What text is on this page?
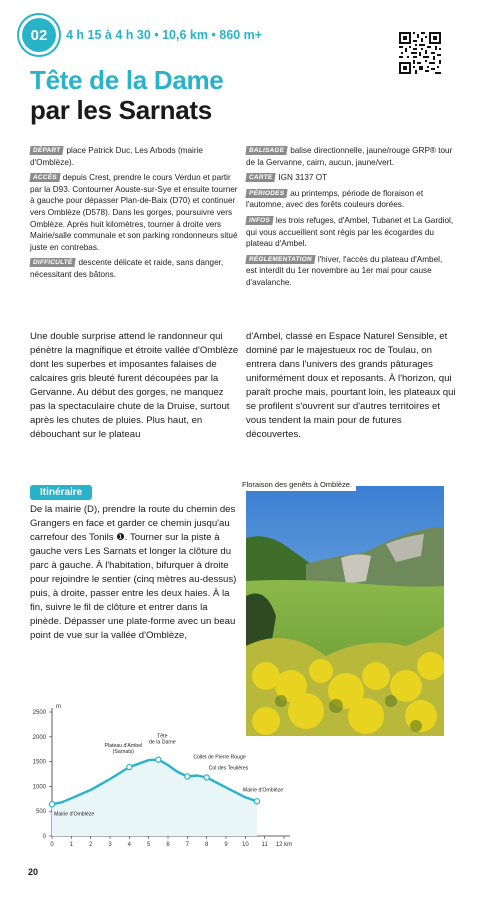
02 4 h 15 à 4 h 30 • 10,6 km • 860 m+
Tête de la Dame
par les Sarnats

DÉPART place Patrick Duc, Les Arbods (mairie d'Omblèze).

ACCÈS depuis Crest, prendre le cours Verdun et partir par la D93. Contourner Aouste-sur-Sye et ensuite tourner à gauche pour dépasser Plan-de-Baix (D70) et continuer vers Omblèze (D578). Dans les gorges, poursuivre vers Omblèze. Après huit kilomètres, tourner à droite vers Mairie/salle communale et son parking rondonneurs situé juste en contrebas.

DIFFICULTÉ descente délicate et raide, sans danger, nécessitant des bâtons.

BALISAGE balise directionnelle, jaune/rouge GRP® tour de la Gervanne, cairn, aucun, jaune/vert.

CARTE IGN 3137 OT

PÉRIODES au printemps, période de floraison et l'automne, avec des forêts couleurs dorées.

INFOS les trois refuges, d'Ambel, Tubanet et La Gardiol, qui vous accueillent sont régis par les écogardes du plateau d'Ambel.

RÉGLEMENTATION l'hiver, l'accès du plateau d'Ambel, est interdit du 1er novembre au 1er mai pour cause d'avalanche.

Une double surprise attend le randonneur qui pénètre la magnifique et étroite vallée d'Omblèze dont les superbes et imposantes falaises de calcaires gris bleuté furent découpées par la Gervanne. Au début des gorges, ne manquez pas la spectaculaire chute de la Druise, surtout après les chutes de pluies. Plus haut, en débouchant sur le plateau
d'Ambel, classé en Espace Naturel Sensible, et dominé par le majestueux roc de Toulau, on entrera dans l'univers des grands pâturages uniformément doux et reposants. À l'horizon, qui paraît proche mais, pourtant loin, les plateaux qui se profilent s'ouvrent sur d'autres territoires et vous tendent la main pour de futures découvertes.
Itinéraire
De la mairie (D), prendre la route du chemin des Grangers en face et garder ce chemin jusqu'au carrefour des Tonils ❶. Tourner sur la piste à gauche vers Les Sarnats et longer la clôture du parc à gauche. À l'habitation, bifurquer à droite pour rejoindre le sentier (cinq mètres au-dessus) puis, à droite, passer entre les deux haies. À la fin, suivre le fil de clôture et entrer dans la pinède. Dépasser une plate-forme avec un beau point de vue sur la vallée d'Omblèze,
Floraison des genêts à Omblèze.
m
0
500
1000
1500
2000
2500
0	1	2	3	4	5	6	7	8	9 10 11 12 km
Mairie d'Omblèze
Plateau d'Ambel (Sarnats)
Tête de la Dame
Collet de Pierre Rouge
Col des Teulières
Mairie d'Omblèze
20
